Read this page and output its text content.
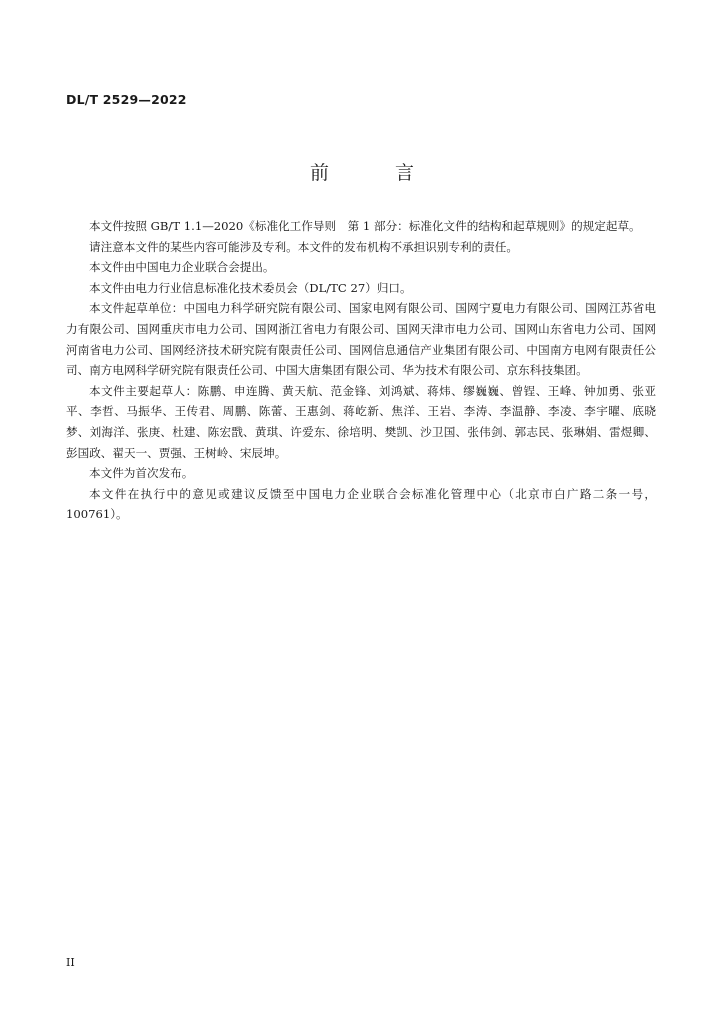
DL/T 2529—2022
前 言

本文件按照 GB/T 1.1—2020《标准化工作导则　第 1 部分：标准化文件的结构和起草规则》的规定起草。

请注意本文件的某些内容可能涉及专利。本文件的发布机构不承担识别专利的责任。

本文件由中国电力企业联合会提出。

本文件由电力行业信息标准化技术委员会（DL/TC 27）归口。

本文件起草单位：中国电力科学研究院有限公司、国家电网有限公司、国网宁夏电力有限公司、国网江苏省电力有限公司、国网重庆市电力公司、国网浙江省电力有限公司、国网天津市电力公司、国网山东省电力公司、国网河南省电力公司、国网经济技术研究院有限责任公司、国网信息通信产业集团有限公司、中国南方电网有限责任公司、南方电网科学研究院有限责任公司、中国大唐集团有限公司、华为技术有限公司、京东科技集团。

本文件主要起草人：陈鹏、申连腾、黄天航、范金锋、刘鸿斌、蒋炜、缪巍巍、曾锃、王峰、钟加勇、张亚平、李哲、马振华、王传君、周鹏、陈蕾、王惠剑、蒋屹新、焦洋、王岩、李涛、李温静、李凌、李宇曜、底晓梦、刘海洋、张庚、杜建、陈宏戬、黄琪、许爱东、徐培明、樊凯、沙卫国、张伟剑、郭志民、张琳娟、雷煜卿、彭国政、翟天一、贾强、王树岭、宋辰坤。

本文件为首次发布。

本文件在执行中的意见或建议反馈至中国电力企业联合会标准化管理中心（北京市白广路二条一号，100761）。

II
